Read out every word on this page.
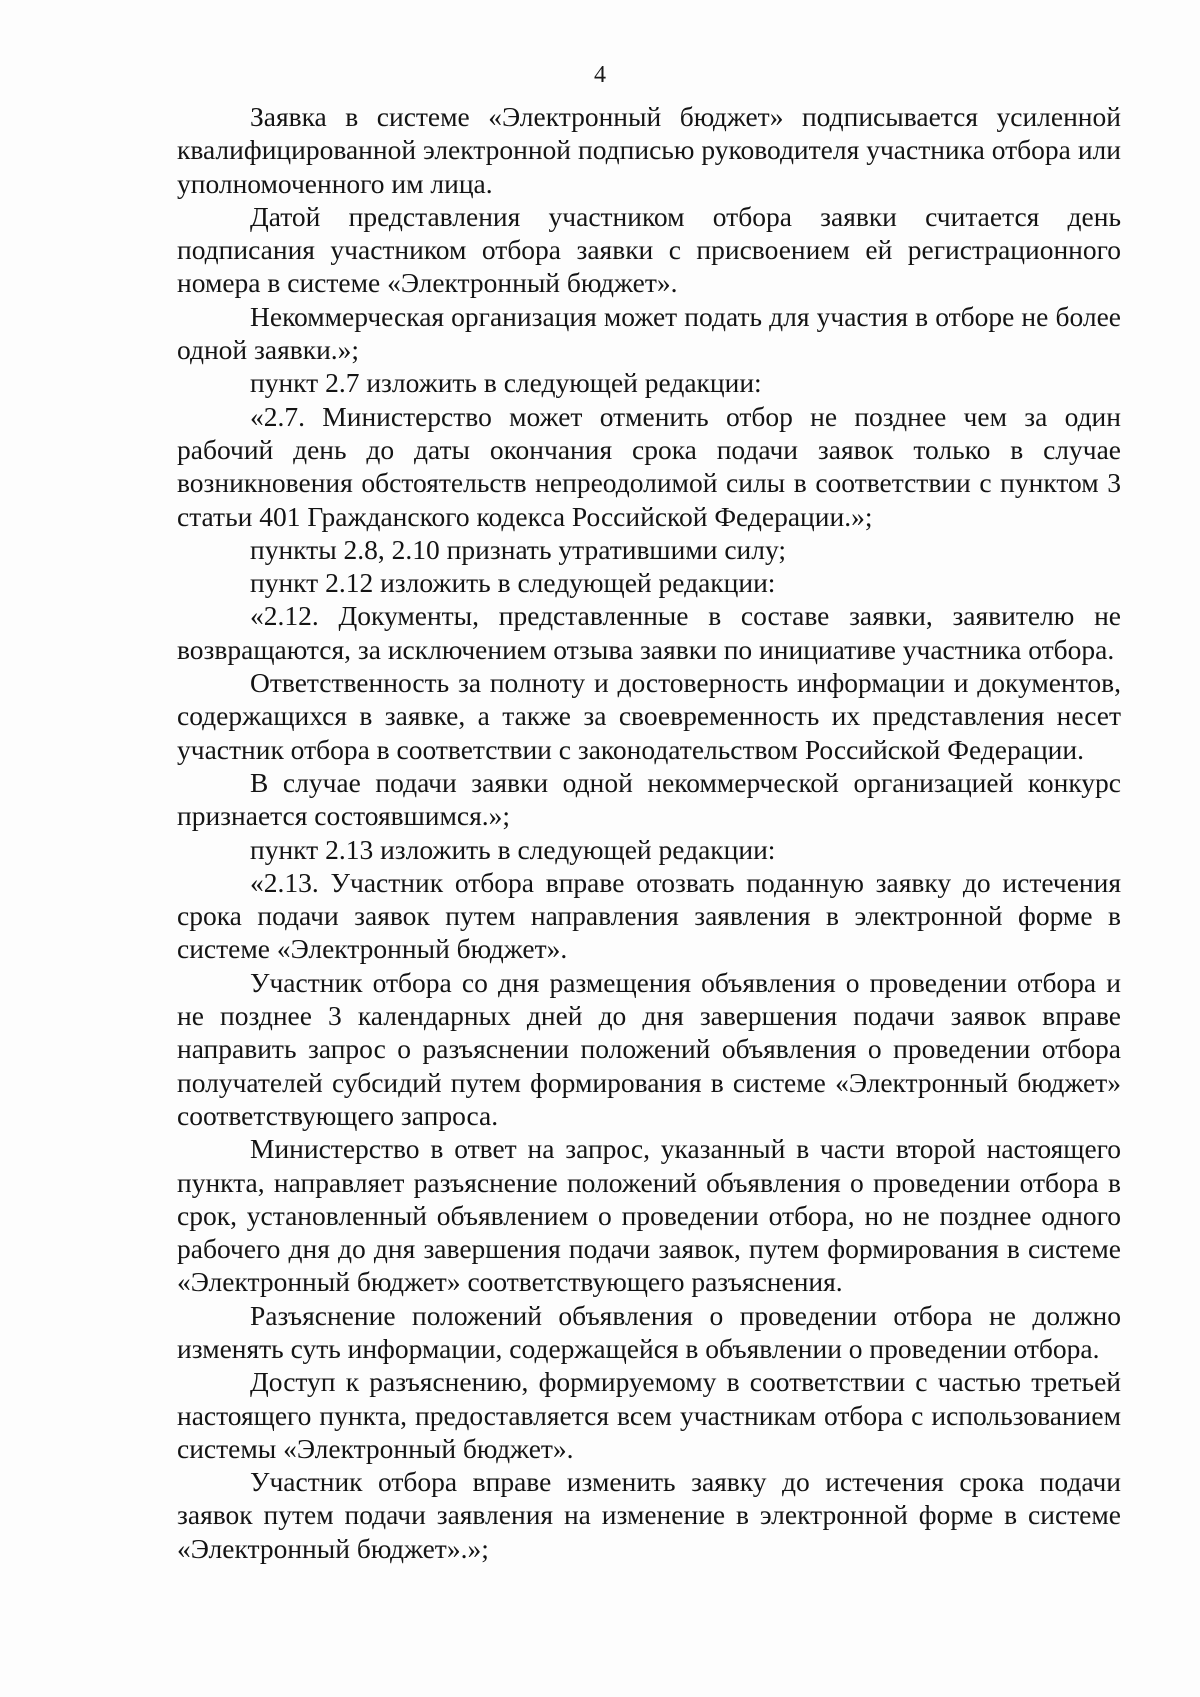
4

Заявка в системе «Электронный бюджет» подписывается усиленной квалифицированной электронной подписью руководителя участника отбора или уполномоченного им лица.

Датой представления участником отбора заявки считается день подписания участником отбора заявки с присвоением ей регистрационного номера в системе «Электронный бюджет».

Некоммерческая организация может подать для участия в отборе не более одной заявки.»;

пункт 2.7 изложить в следующей редакции:

«2.7. Министерство может отменить отбор не позднее чем за один рабочий день до даты окончания срока подачи заявок только в случае возникновения обстоятельств непреодолимой силы в соответствии с пунктом 3 статьи 401 Гражданского кодекса Российской Федерации.»;

пункты 2.8, 2.10 признать утратившими силу;

пункт 2.12 изложить в следующей редакции:

«2.12. Документы, представленные в составе заявки, заявителю не возвращаются, за исключением отзыва заявки по инициативе участника отбора.

Ответственность за полноту и достоверность информации и документов, содержащихся в заявке, а также за своевременность их представления несет участник отбора в соответствии с законодательством Российской Федерации.

В случае подачи заявки одной некоммерческой организацией конкурс признается состоявшимся.»;

пункт 2.13 изложить в следующей редакции:

«2.13. Участник отбора вправе отозвать поданную заявку до истечения срока подачи заявок путем направления заявления в электронной форме в системе «Электронный бюджет».

Участник отбора со дня размещения объявления о проведении отбора и не позднее 3 календарных дней до дня завершения подачи заявок вправе направить запрос о разъяснении положений объявления о проведении отбора получателей субсидий путем формирования в системе «Электронный бюджет» соответствующего запроса.

Министерство в ответ на запрос, указанный в части второй настоящего пункта, направляет разъяснение положений объявления о проведении отбора в срок, установленный объявлением о проведении отбора, но не позднее одного рабочего дня до дня завершения подачи заявок, путем формирования в системе «Электронный бюджет» соответствующего разъяснения.

Разъяснение положений объявления о проведении отбора не должно изменять суть информации, содержащейся в объявлении о проведении отбора.

Доступ к разъяснению, формируемому в соответствии с частью третьей настоящего пункта, предоставляется всем участникам отбора с использованием системы «Электронный бюджет».

Участник отбора вправе изменить заявку до истечения срока подачи заявок путем подачи заявления на изменение в электронной форме в системе «Электронный бюджет».»;
